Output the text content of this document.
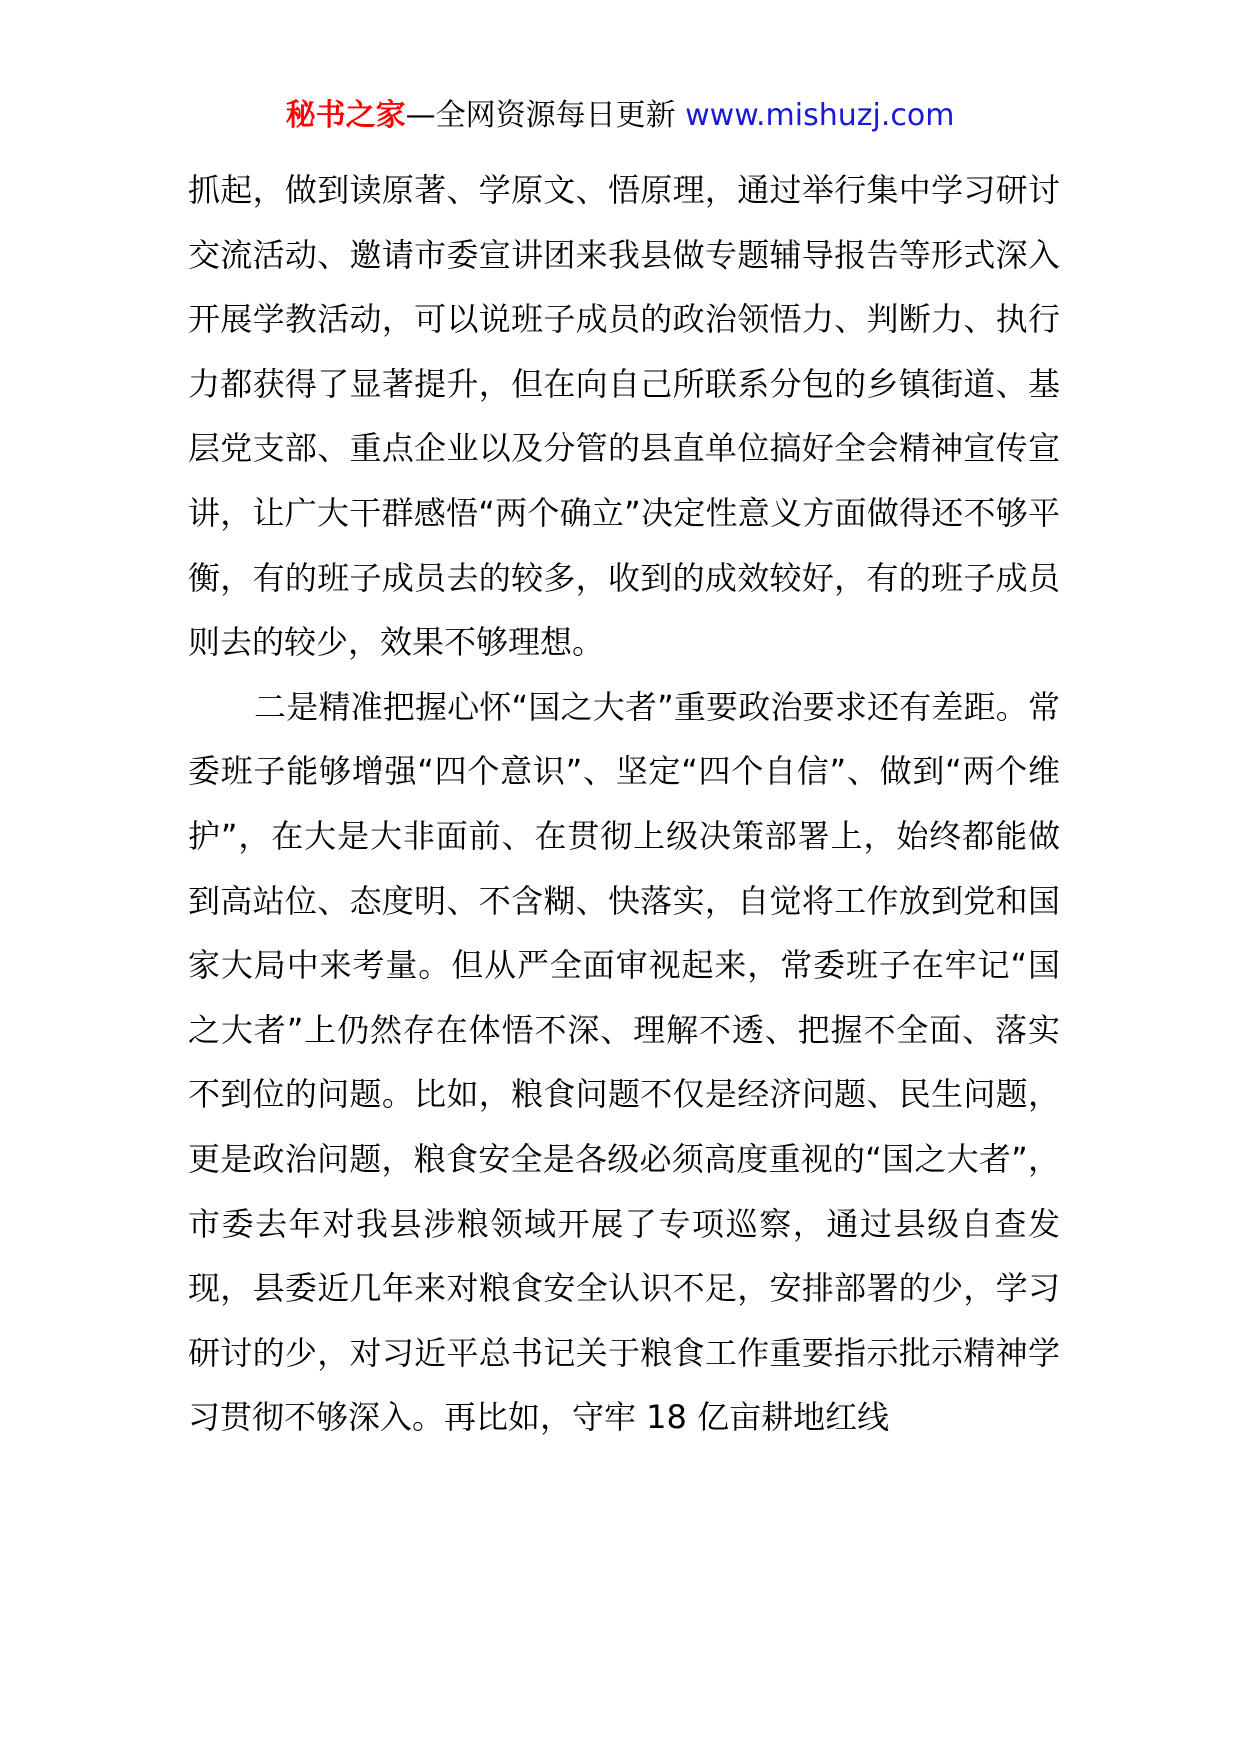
秘书之家—全网资源每日更新 www.mishuzj.com

抓起，做到读原著、学原文、悟原理，通过举行集中学习研讨交流活动、邀请市委宣讲团来我县做专题辅导报告等形式深入开展学教活动，可以说班子成员的政治领悟力、判断力、执行力都获得了显著提升，但在向自己所联系分包的乡镇街道、基层党支部、重点企业以及分管的县直单位搞好全会精神宣传宣讲，让广大干群感悟“两个确立”决定性意义方面做得还不够平衡，有的班子成员去的较多，收到的成效较好，有的班子成员则去的较少，效果不够理想。

二是精准把握心怀“国之大者”重要政治要求还有差距。常委班子能够增强“四个意识”、坚定“四个自信”、做到“两个维护”，在大是大非面前、在贯彻上级决策部署上，始终都能做到高站位、态度明、不含糊、快落实，自觉将工作放到党和国家大局中来考量。但从严全面审视起来，常委班子在牢记“国之大者”上仍然存在体悟不深、理解不透、把握不全面、落实不到位的问题。比如，粮食问题不仅是经济问题、民生问题，更是政治问题，粮食安全是各级必须高度重视的“国之大者”，市委去年对我县涉粮领域开展了专项巡察，通过县级自查发现，县委近几年来对粮食安全认识不足，安排部署的少，学习研讨的少，对习近平总书记关于粮食工作重要指示批示精神学习贯彻不够深入。再比如，守牢 18 亿亩耕地红线
